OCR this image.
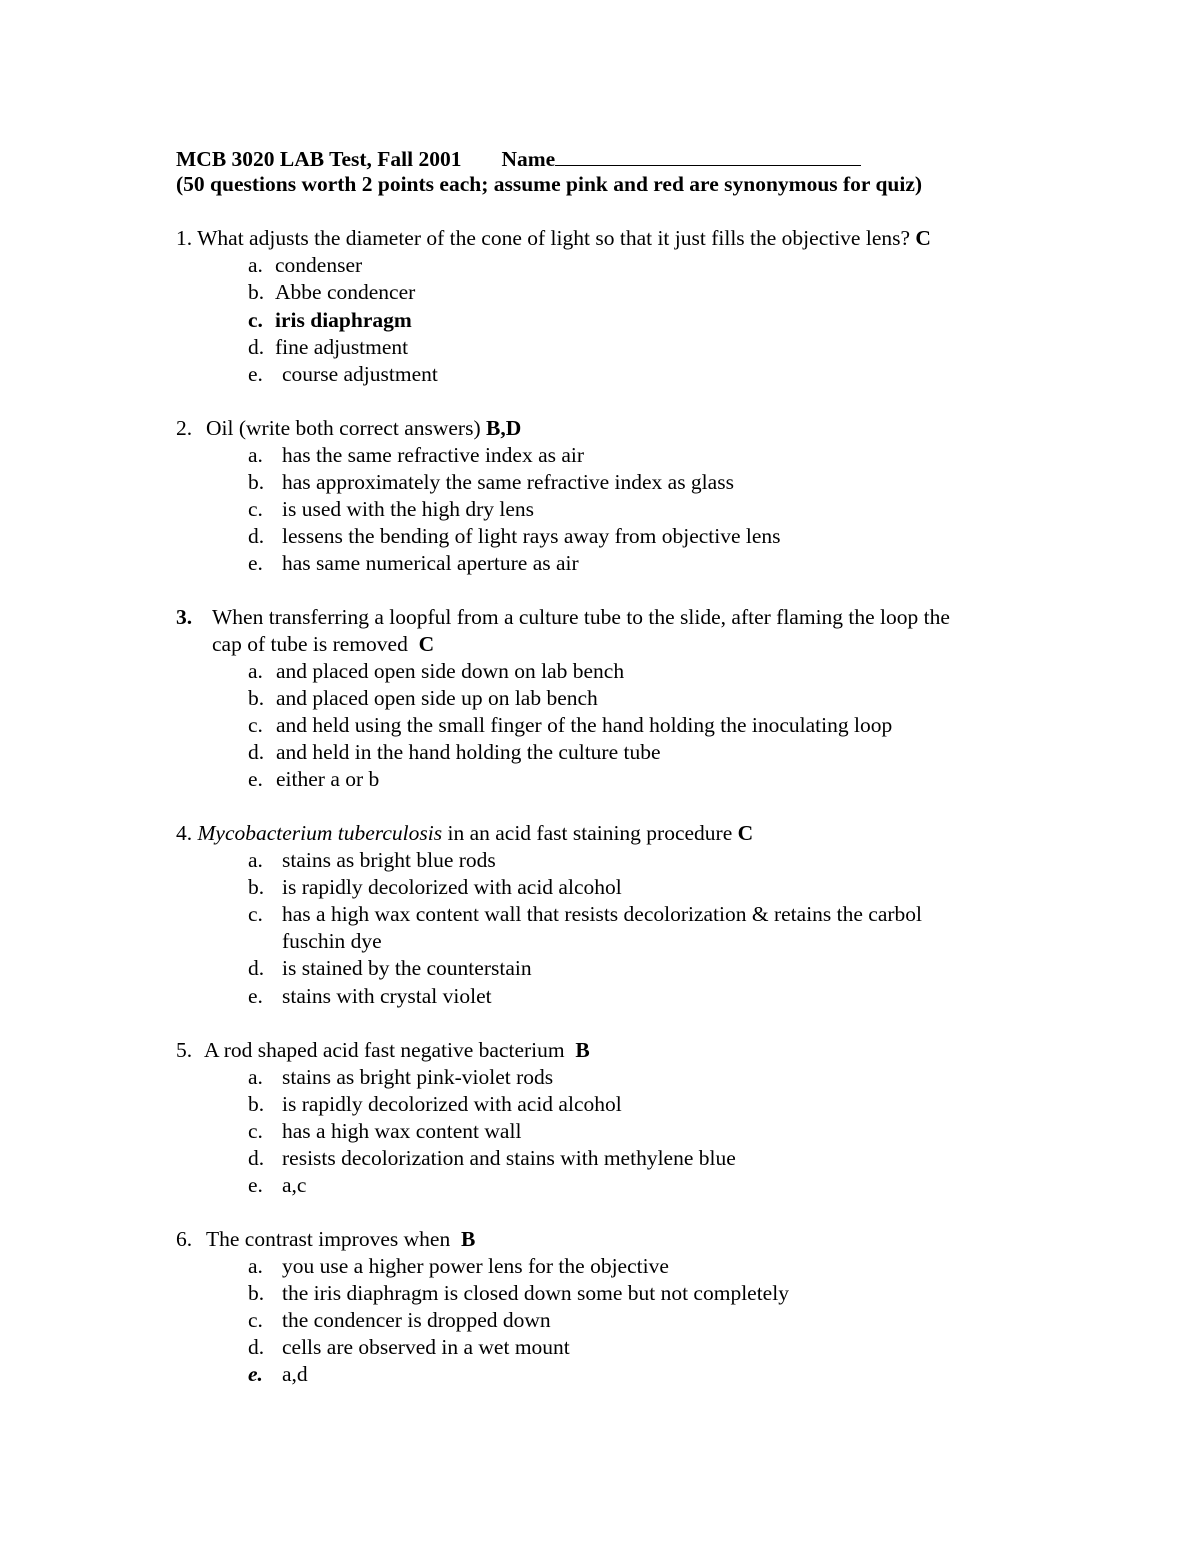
MCB 3020 LAB Test, Fall 2001 Name
(50 questions worth 2 points each; assume pink and red are synonymous for quiz)
1. What adjusts the diameter of the cone of light so that it just fills the objective lens? C
a. condenser
b. Abbe condencer
c. iris diaphragm
d. fine adjustment
e. course adjustment
2. Oil (write both correct answers) B,D
a. has the same refractive index as air
b. has approximately the same refractive index as glass
c. is used with the high dry lens
d. lessens the bending of light rays away from objective lens
e. has same numerical aperture as air
3. When transferring a loopful from a culture tube to the slide, after flaming the loop the
cap of tube is removed C
a. and placed open side down on lab bench
b. and placed open side up on lab bench
c. and held using the small finger of the hand holding the inoculating loop
d. and held in the hand holding the culture tube
e. either a or b
4. Mycobacterium tuberculosis in an acid fast staining procedure C
a. stains as bright blue rods
b. is rapidly decolorized with acid alcohol
c. has a high wax content wall that resists decolorization & retains the carbol
fuschin dye
d. is stained by the counterstain
e. stains with crystal violet
5. A rod shaped acid fast negative bacterium B
a. stains as bright pink-violet rods
b. is rapidly decolorized with acid alcohol
c. has a high wax content wall
d. resists decolorization and stains with methylene blue
e. a,c
6. The contrast improves when B
a. you use a higher power lens for the objective
b. the iris diaphragm is closed down some but not completely
c. the condencer is dropped down
d. cells are observed in a wet mount
e. a,d
